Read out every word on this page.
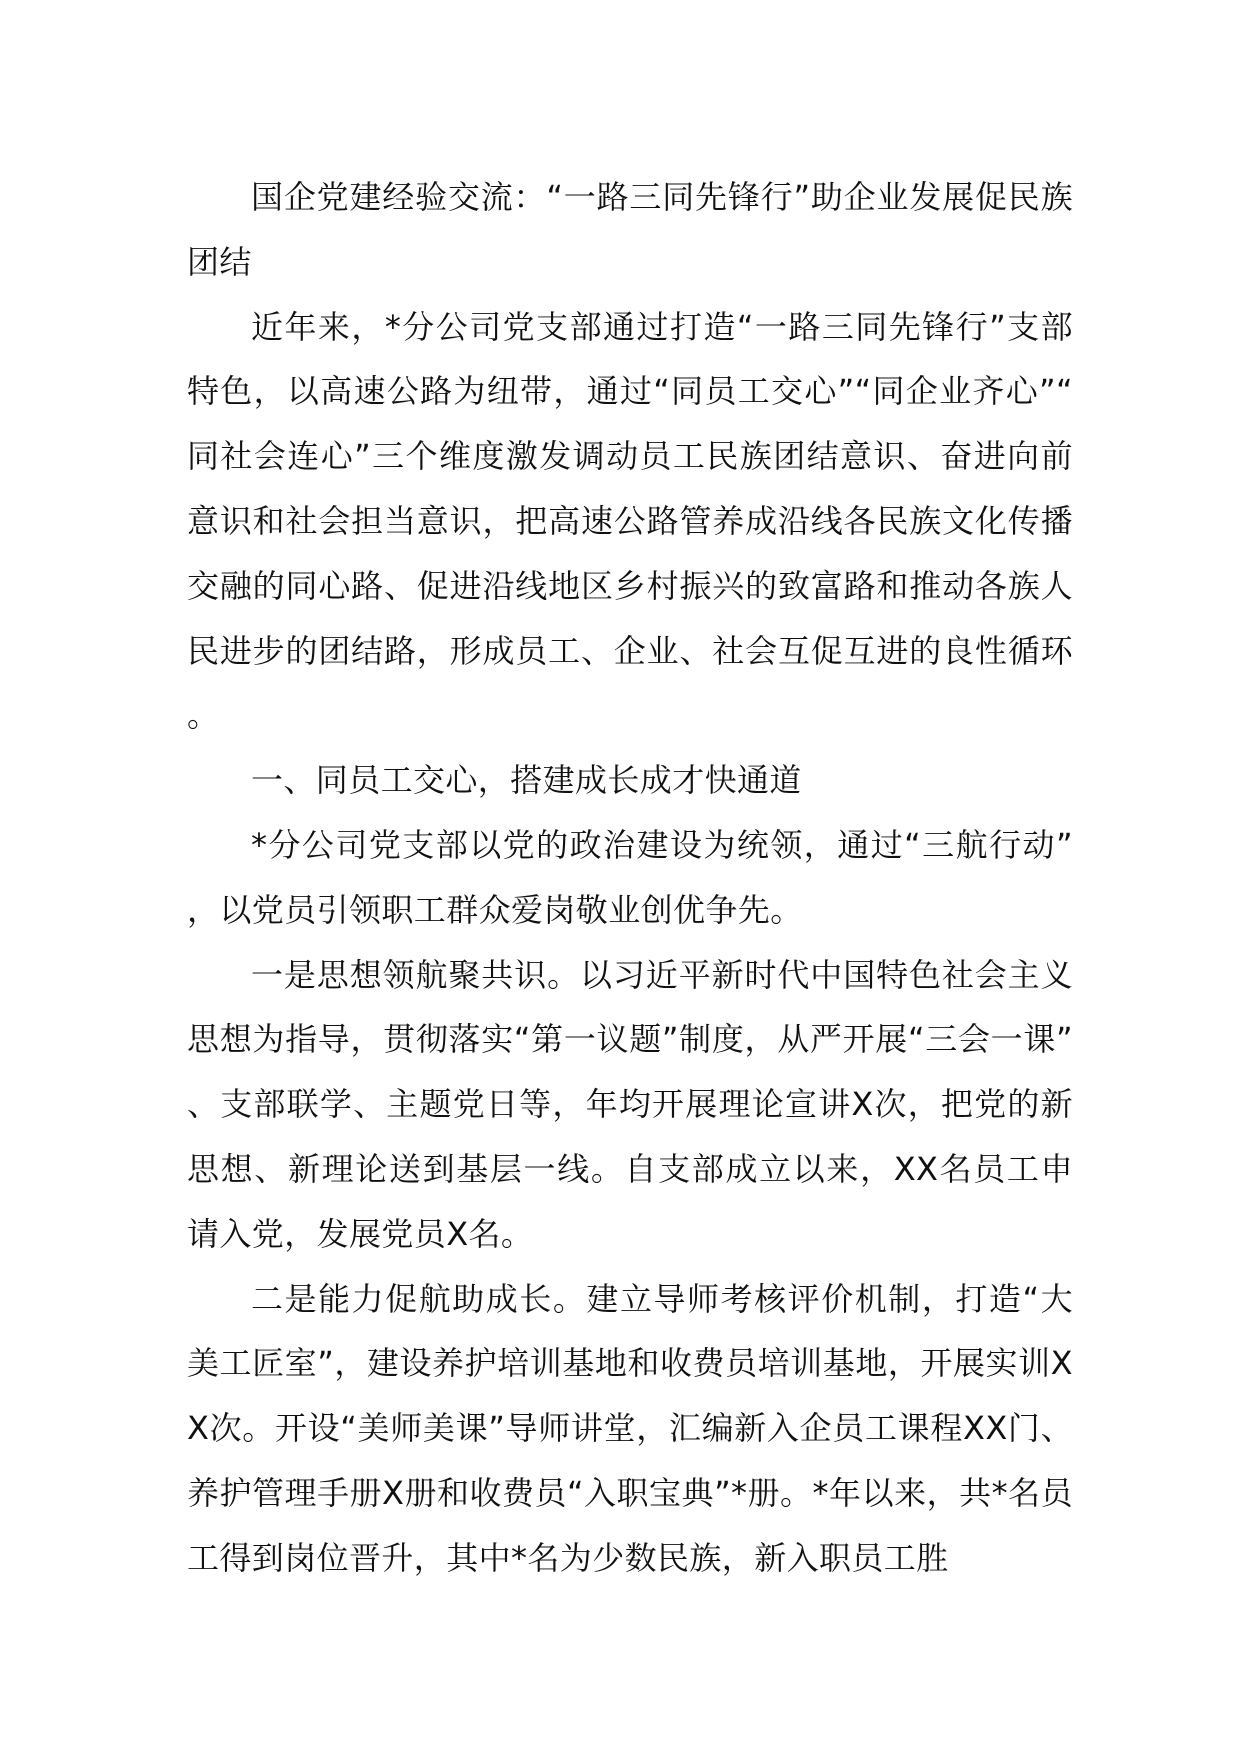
国企党建经验交流：“一路三同先锋行”助企业发展促民族团结

近年来，*分公司党支部通过打造“一路三同先锋行”支部特色，以高速公路为纽带，通过“同员工交心”“同企业齐心”“同社会连心”三个维度激发调动员工民族团结意识、奋进向前意识和社会担当意识，把高速公路管养成沿线各民族文化传播交融的同心路、促进沿线地区乡村振兴的致富路和推动各族人民进步的团结路，形成员工、企业、社会互促互进的良性循环。

一、同员工交心，搭建成长成才快通道

*分公司党支部以党的政治建设为统领，通过“三航行动”，以党员引领职工群众爱岗敬业创优争先。

一是思想领航聚共识。以习近平新时代中国特色社会主义思想为指导，贯彻落实“第一议题”制度，从严开展“三会一课”、支部联学、主题党日等，年均开展理论宣讲X次，把党的新思想、新理论送到基层一线。自支部成立以来，XX名员工申请入党，发展党员X名。

二是能力促航助成长。建立导师考核评价机制，打造“大美工匠室”，建设养护培训基地和收费员培训基地，开展实训XX次。开设“美师美课”导师讲堂，汇编新入企员工课程XX门、养护管理手册X册和收费员“入职宝典”*册。*年以来，共*名员工得到岗位晋升，其中*名为少数民族，新入职员工胜
